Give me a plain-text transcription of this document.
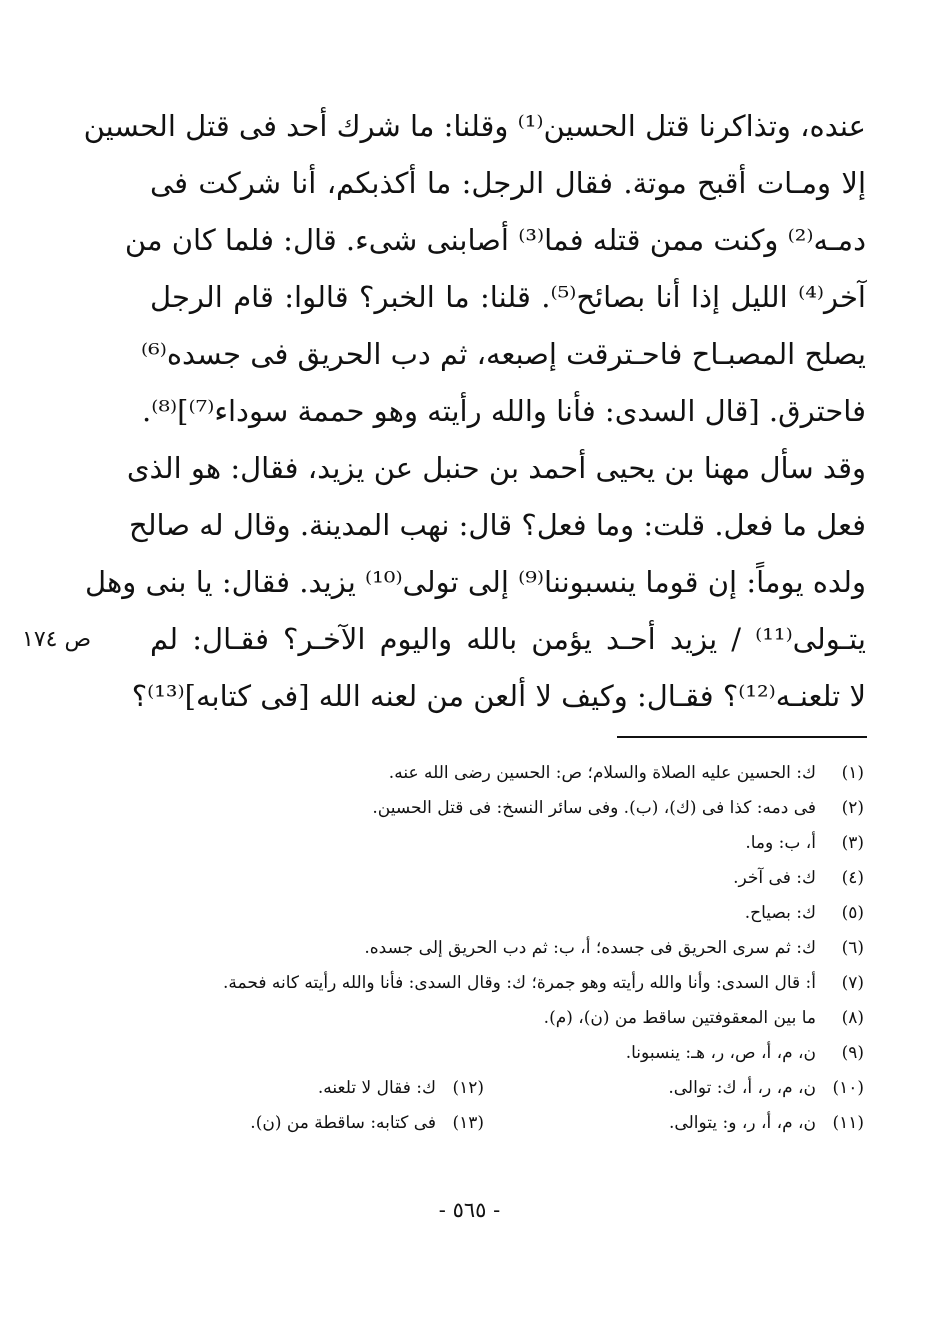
عنده، وتذاكرنا قتل الحسين⁽¹⁾ وقلنا: ما شرك أحد فى قتل الحسين
إلا ومـات أقبح موتة. فقال الرجل: ما أكذبكم، أنا شركت فى
دمـه⁽²⁾ وكنت ممن قتله فما⁽³⁾ أصابنى شىء. قال: فلما كان من
آخر⁽⁴⁾ الليل إذا أنا بصائح⁽⁵⁾. قلنا: ما الخبر؟ قالوا: قام الرجل
يصلح المصبـاح فاحـترقت إصبعه، ثم دب الحريق فى جسده⁽⁶⁾
فاحترق. [قال السدى: فأنا والله رأيته وهو حممة سوداء⁽⁷⁾]⁽⁸⁾.
وقد سأل مهنا بن يحيى أحمد بن حنبل عن يزيد، فقال: هو الذى
فعل ما فعل. قلت: وما فعل؟ قال: نهب المدينة. وقال له صالح
ولده يوماً: إن قوما ينسبوننا⁽⁹⁾ إلى تولى⁽¹⁰⁾ يزيد. فقال: يا بنى وهل
يتـولى⁽¹¹⁾ / يزيد أحـد يؤمن بالله واليوم الآخـر؟ فقـال: لم
لا تلعنـه⁽¹²⁾؟ فقـال: وكيف لا ألعن من لعنه الله [فى كتابه]⁽¹³⁾؟
ص ١٧٤
(١)ك: الحسين عليه الصلاة والسلام؛ ص: الحسين رضى الله عنه.
(٢)فى دمه: كذا فى (ك)، (ب). وفى سائر النسخ: فى قتل الحسين.
(٣)أ، ب: وما.
(٤)ك: فى آخر.
(٥)ك: بصياح.
(٦)ك: ثم سرى الحريق فى جسده؛ أ، ب: ثم دب الحريق إلى جسده.
(٧)أ: قال السدى: وأنا والله رأيته وهو جمرة؛ ك: وقال السدى: فأنا والله رأيته كانه فحمة.
(٨)ما بين المعقوفتين ساقط من (ن)، (م).
(٩)ن، م، أ، ص، ر، هـ: ينسبونا.
(١٠)ن، م، ر، أ، ك: توالى.
(١٢)ك: فقال لا تلعنه.
(١١)ن، م، أ، ر، و: يتوالى.
(١٣)فى كتابه: ساقطة من (ن).
- ٥٦٥ -
